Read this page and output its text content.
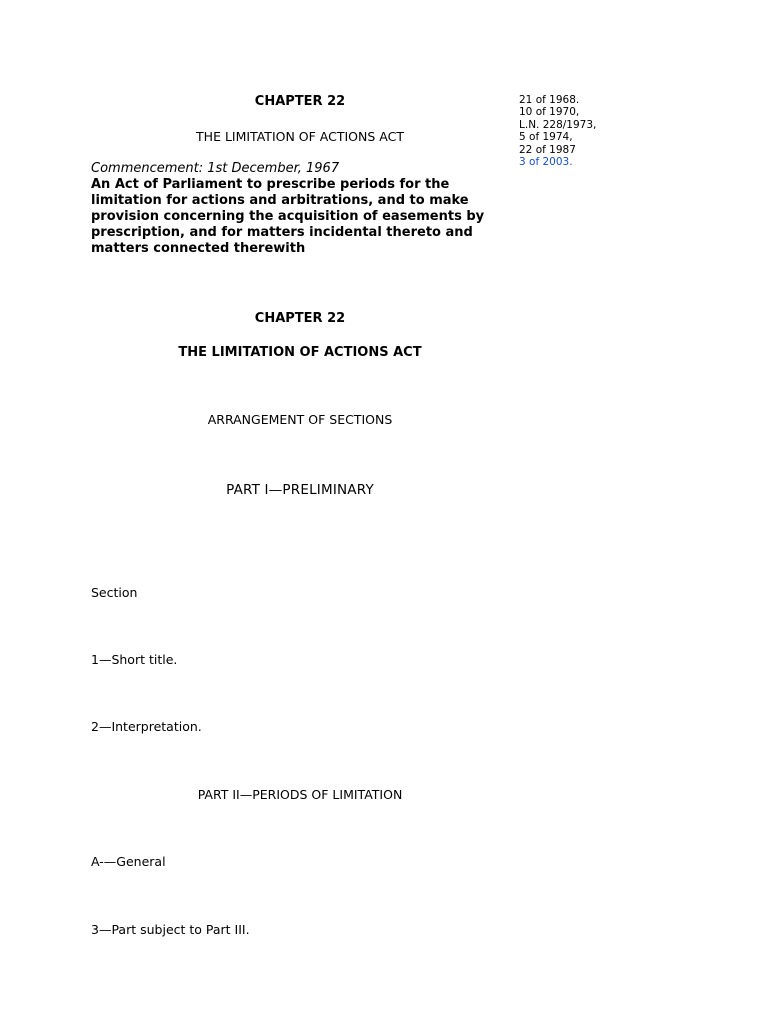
CHAPTER 22

THE LIMITATION OF ACTIONS ACT

21 of 1968.
10 of 1970,
L.N. 228/1973,
5 of 1974,
22 of 1987
3 of 2003.

Commencement: 1st December, 1967

An Act of Parliament to prescribe periods for the limitation for actions and arbitrations, and to make provision concerning the acquisition of easements by prescription, and for matters incidental thereto and matters connected therewith

CHAPTER 22

THE LIMITATION OF ACTIONS ACT

ARRANGEMENT OF SECTIONS

PART I—PRELIMINARY

Section

1—Short title.

2—Interpretation.

PART II—PERIODS OF LIMITATION

A-—General

3—Part subject to Part III.
